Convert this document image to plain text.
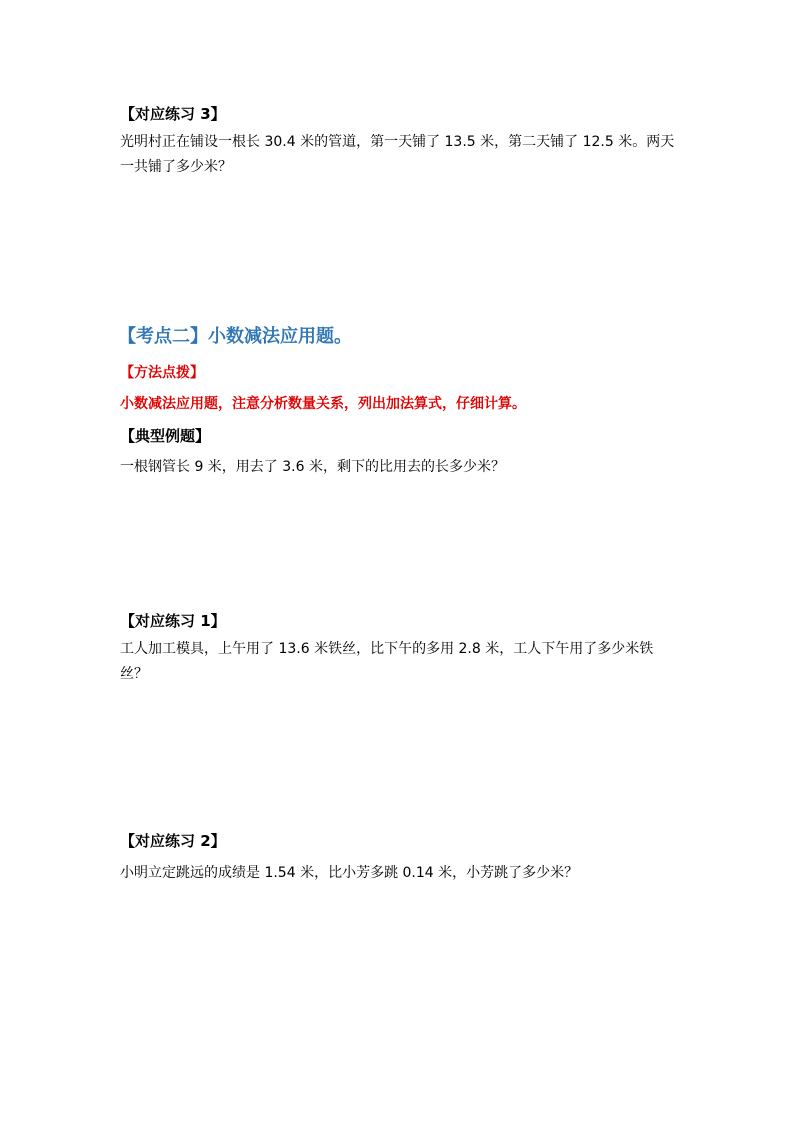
【对应练习 3】
光明村正在铺设一根长 30.4 米的管道，第一天铺了 13.5 米，第二天铺了 12.5 米。两天一共铺了多少米？
【考点二】小数减法应用题。
【方法点拨】
小数减法应用题，注意分析数量关系，列出加法算式，仔细计算。
【典型例题】
一根钢管长 9 米，用去了 3.6 米，剩下的比用去的长多少米？
【对应练习 1】
工人加工模具，上午用了 13.6 米铁丝，比下午的多用 2.8 米，工人下午用了多少米铁丝？
【对应练习 2】
小明立定跳远的成绩是 1.54 米，比小芳多跳 0.14 米，小芳跳了多少米？
